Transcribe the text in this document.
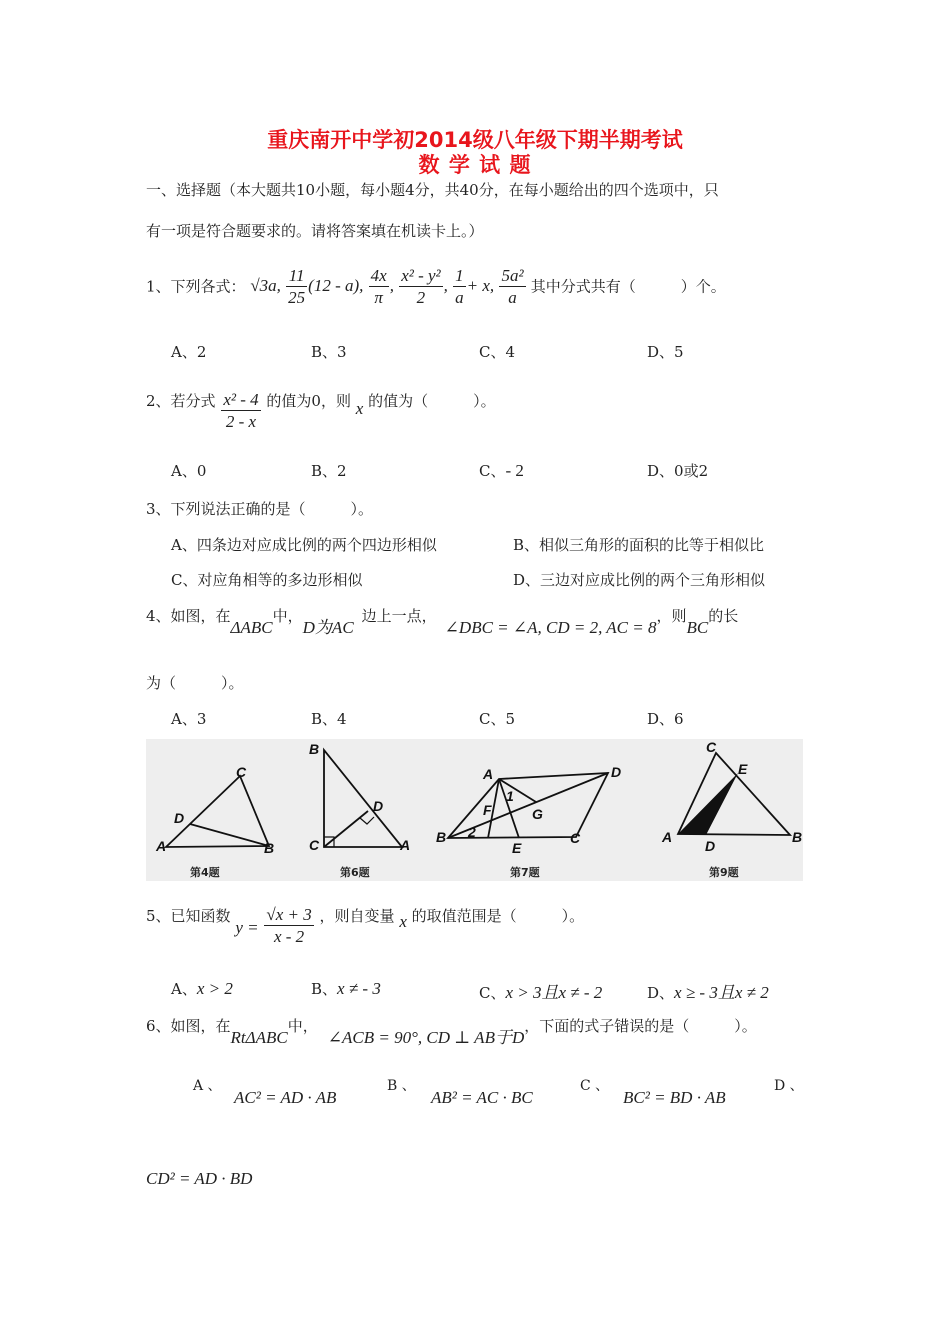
重庆南开中学初2014级八年级下期半期考试
数 学 试 题
一、选择题（本大题共10小题，每小题4分，共40分，在每小题给出的四个选项中，只
有一项是符合题要求的。请将答案填在机读卡上。）
1、下列各式： √3a, $\frac{11}{25} (12 - a)$, $\frac{4x}{\pi}$ , $\frac{\text{x² - y²}}{2}$ , $\frac{1}{a} + x$, $\frac{\text{5a²}}{a}$ 其中分式共有（　　　）个。
A、2	B、3	C、4	D、5
2、若分式 $\frac{\text{x² - 4}}{2 - x}$ 的值为0，则 x 的值为（　　　）。
A、0	B、2	C、- 2	D、0或2
3、下列说法正确的是（　　　）。
A、四条边对应成比例的两个四边形相似	B、相似三角形的面积的比等于相似比
C、对应角相等的多边形相似	D、三边对应成比例的两个三角形相似
4、如图，在ΔABC中，D为AC边上一点，∠DBC = ∠A, CD = 2, AC = 8，则BC的长
为（　　　）。
A、3	B、4	C、5	D、6
A	B
C
D
A
B
C
D
A
B	C
D
E
F	G
1
2	A	B
C
D
E
第4题	第6题	第7题	第9题
5、已知函数 $y = \frac{√x + 3}{x - 2}$ ，则自变量 x 的取值范围是（　　　）。
A、x > 2	B、x ≠ - 3	C、x > 3且x ≠ - 2	D、x ≥ - 3且x ≠ 2
6、如图，在RtΔABC中，∠ACB = 90°, CD ⊥ AB于D，下面的式子错误的是（　　　）。
A 、
AC² = AD · AB
B 、
AB² = AC · BC
C 、
BC² = BD · AB
D 、
CD² = AD · BD
